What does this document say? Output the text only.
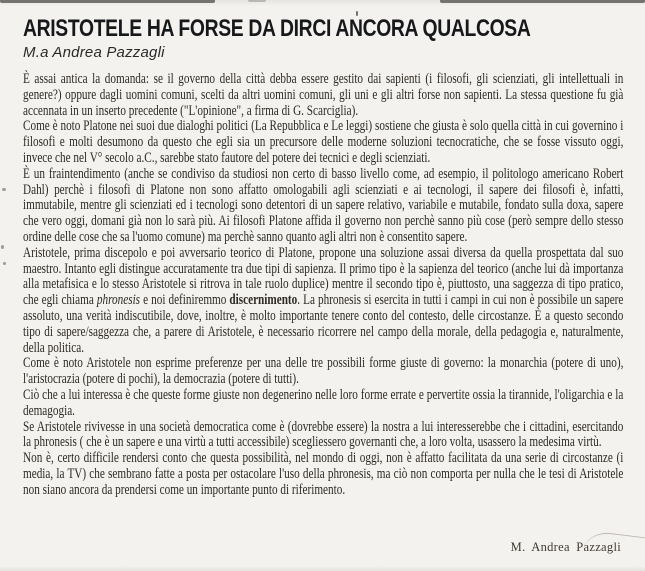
ARISTOTELE HA FORSE DA DIRCI ANCORA QUALCOSA
M.a Andrea Pazzagli

È assai antica la domanda: se il governo della città debba essere gestito dai sapienti (i filosofi, gli scienziati, gli intellettuali in genere?) oppure dagli uomini comuni, scelti da altri uomini comuni, gli uni e gli altri forse non sapienti. La stessa questione fu già accennata in un inserto precedente ("L'opinione", a firma di G. Scarciglia).

Come è noto Platone nei suoi due dialoghi politici (La Repubblica e Le leggi) sostiene che giusta è solo quella città in cui governino i filosofi e molti desumono da questo che egli sia un precursore delle moderne soluzioni tecnocratiche, che se fosse vissuto oggi, invece che nel V° secolo a.C., sarebbe stato fautore del potere dei tecnici e degli scienziati.

È un fraintendimento (anche se condiviso da studiosi non certo di basso livello come, ad esempio, il politologo americano Robert Dahl) perchè i filosofi di Platone non sono affatto omologabili agli scienziati e ai tecnologi, il sapere dei filosofi è, infatti, immutabile, mentre gli scienziati ed i tecnologi sono detentori di un sapere relativo, variabile e mutabile, fondato sulla doxa, sapere che vero oggi, domani già non lo sarà più. Ai filosofi Platone affida il governo non perchè sanno più cose (però sempre dello stesso ordine delle cose che sa l'uomo comune) ma perchè sanno quanto agli altri non è consentito sapere.

Aristotele, prima discepolo e poi avversario teorico di Platone, propone una soluzione assai diversa da quella prospettata dal suo maestro. Intanto egli distingue accuratamente tra due tipi di sapienza. Il primo tipo è la sapienza del teorico (anche lui dà importanza alla metafisica e lo stesso Aristotele si ritrova in tale ruolo duplice) mentre il secondo tipo è, piuttosto, una saggezza di tipo pratico, che egli chiama phronesis e noi definiremmo discernimento. La phronesis si esercita in tutti i campi in cui non è possibile un sapere assoluto, una verità indiscutibile, dove, inoltre, è molto importante tenere conto del contesto, delle circostanze. È a questo secondo tipo di sapere/saggezza che, a parere di Aristotele, è necessario ricorrere nel campo della morale, della pedagogia e, naturalmente, della politica.

Come è noto Aristotele non esprime preferenze per una delle tre possibili forme giuste di governo: la monarchia (potere di uno), l'aristocrazia (potere di pochi), la democrazia (potere di tutti).

Ciò che a lui interessa è che queste forme giuste non degenerino nelle loro forme errate e pervertite ossia la tirannide, l'oligarchia e la demagogia.

Se Aristotele rivivesse in una società democratica come è (dovrebbe essere) la nostra a lui interesserebbe che i cittadini, esercitando la phronesis ( che è un sapere e una virtù a tutti accessibile) scegliessero governanti che, a loro volta, usassero la medesima virtù.

Non è, certo difficile rendersi conto che questa possibilità, nel mondo di oggi, non è affatto facilitata da una serie di circostanze (i media, la TV) che sembrano fatte a posta per ostacolare l'uso della phronesis, ma ciò non comporta per nulla che le tesi di Aristotele non siano ancora da prendersi come un importante punto di riferimento.

M. Andrea Pazzagli
